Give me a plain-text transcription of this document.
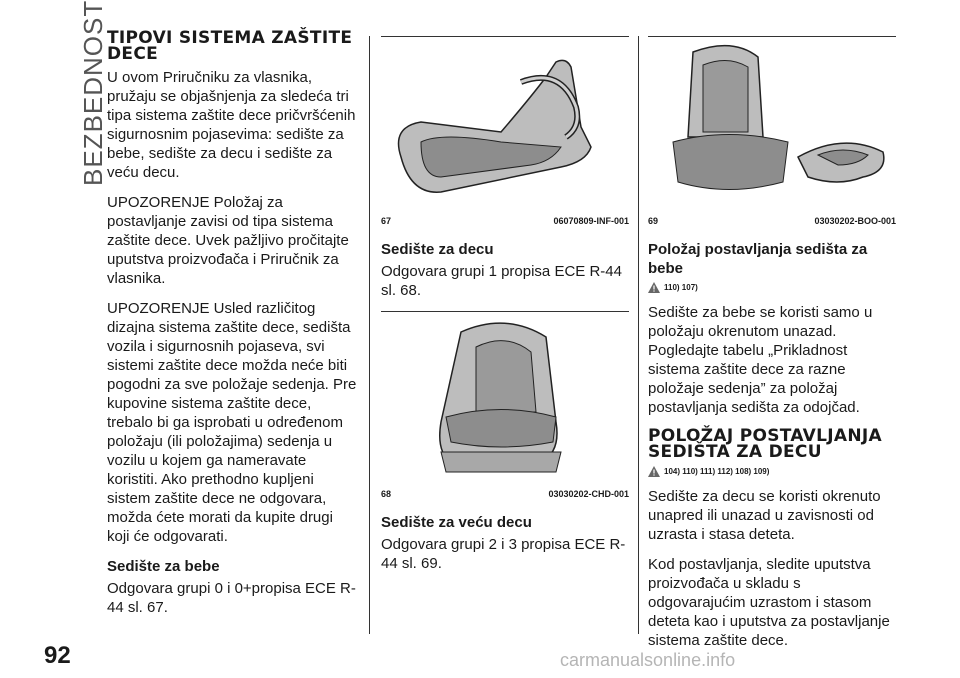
BEZBEDNOST TIPOVI SISTEMA ZAŠTITE DECE

U ovom Priručniku za vlasnika, pružaju se objašnjenja za sledeća tri tipa sistema zaštite dece pričvršćenih sigurnosnim pojasevima: sedište za bebe, sedište za decu i sedište za veću decu.

UPOZORENJE Položaj za postavljanje zavisi od tipa sistema zaštite dece. Uvek pažljivo pročitajte uputstva proizvođača i Priručnik za vlasnika.

UPOZORENJE Usled različitog dizajna sistema zaštite dece, sedišta vozila i sigurnosnih pojaseva, svi sistemi zaštite dece možda neće biti pogodni za sve položaje sedenja. Pre kupovine sistema zaštite dece, trebalo bi ga isprobati u određenom položaju (ili položajima) sedenja u vozilu u kojem ga nameravate koristiti. Ako prethodno kupljeni sistem zaštite dece ne odgovara, možda ćete morati da kupite drugi koji će odgovarati.

Sedište za bebe

Odgovara grupi 0 i 0+propisa ECE R-44 sl. 67.

67	06070809-INF-001
Sedište za decu

Odgovara grupi 1 propisa ECE R-44 sl. 68.

68	03030202-CHD-001
Sedište za veću decu

Odgovara grupi 2 i 3 propisa ECE R-44 sl. 69.

69	03030202-BOO-001
Položaj postavljanja sedišta za bebe
110) 107)

Sedište za bebe se koristi samo u položaju okrenutom unazad. Pogledajte tabelu „Prikladnost sistema zaštite dece za razne položaje sedenja” za položaj postavljanja sedišta za odojčad.

POLOŽAJ POSTAVLJANJA SEDIŠTA ZA DECU
104) 110) 111) 112) 108) 109)

Sedište za decu se koristi okrenuto unapred ili unazad u zavisnosti od uzrasta i stasa deteta.

Kod postavljanja, sledite uputstva proizvođača u skladu s odgovarajućim uzrastom i stasom deteta kao i uputstva za postavljanje sistema zaštite dece.

92	carmanualsonline.info
